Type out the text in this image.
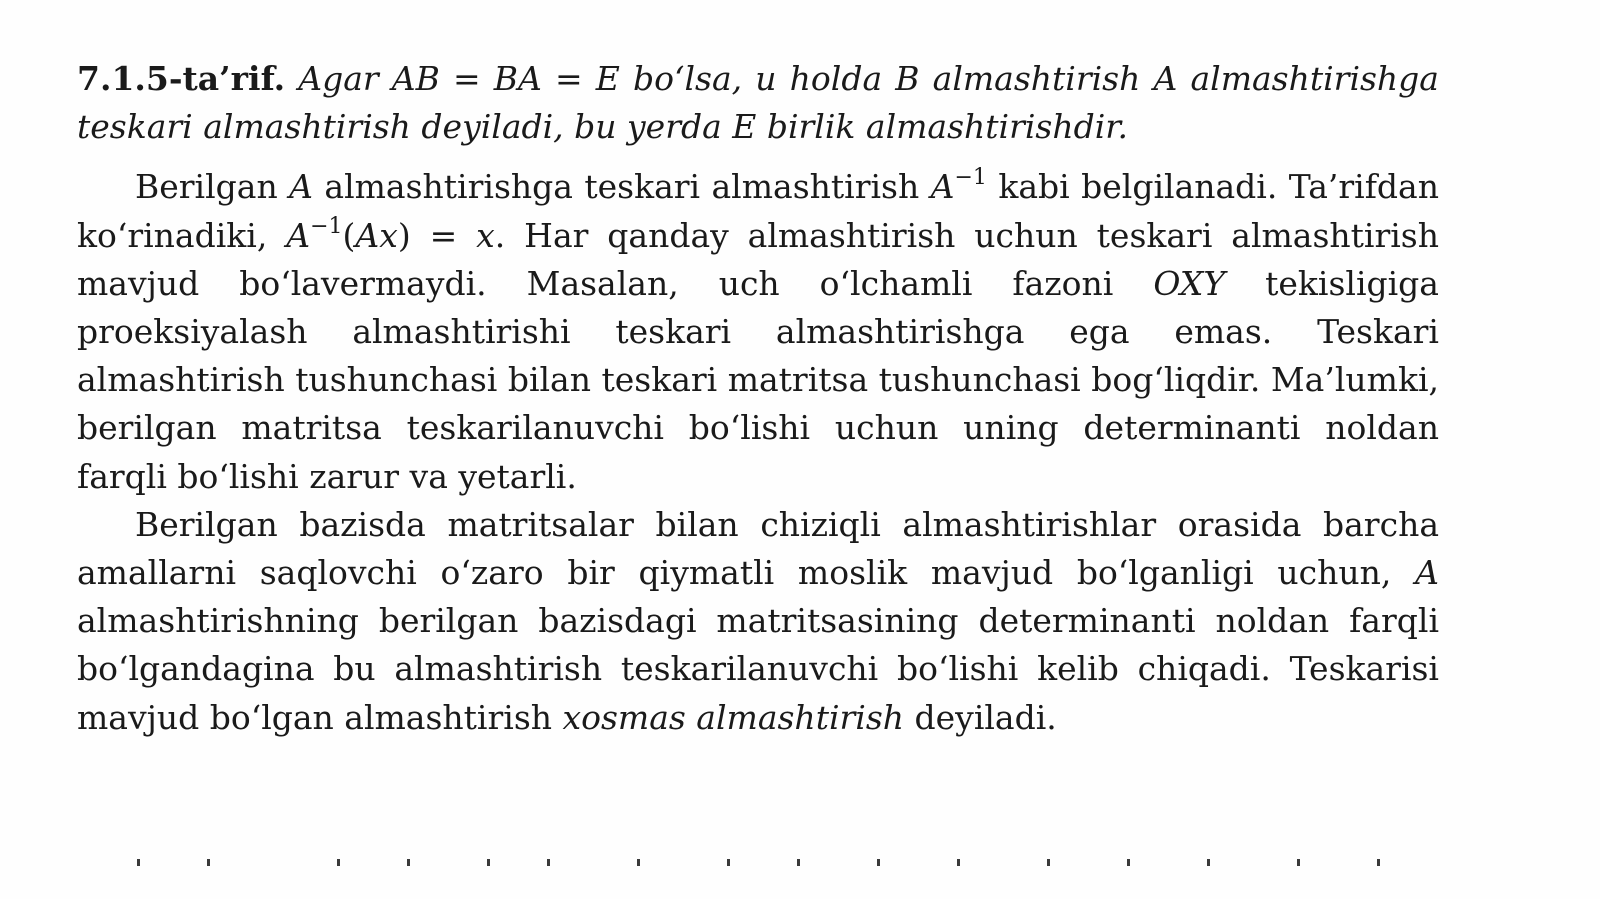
7.1.5-ta’rif. Agar AB = BA = E bo‘lsa, u holda B almashtirish A almashtirishga teskari almashtirish deyiladi, bu yerda E birlik almashtirishdir.

Berilgan A almashtirishga teskari almashtirish $A^{-1}$ kabi belgilanadi. Ta’rifdan ko‘rinadiki, $A^{-1}(Ax) = x$. Har qanday almashtirish uchun teskari almashtirish mavjud bo‘lavermaydi. Masalan, uch o‘lchamli fazoni OXY tekisligiga proeksiyalash almashtirishi teskari almashtirishga ega emas. Teskari almashtirish tushunchasi bilan teskari matritsa tushunchasi bog‘liqdir. Ma’lumki, berilgan matritsa teskarilanuvchi bo‘lishi uchun uning determinanti noldan farqli bo‘lishi zarur va yetarli.

Berilgan bazisda matritsalar bilan chiziqli almashtirishlar orasida barcha amallarni saqlovchi o‘zaro bir qiymatli moslik mavjud bo‘lganligi uchun, A almashtirishning berilgan bazisdagi matritsasining determinanti noldan farqli bo‘lgandagina bu almashtirish teskarilanuvchi bo‘lishi kelib chiqadi. Teskarisi mavjud bo‘lgan almashtirish xosmas almashtirish deyiladi.
